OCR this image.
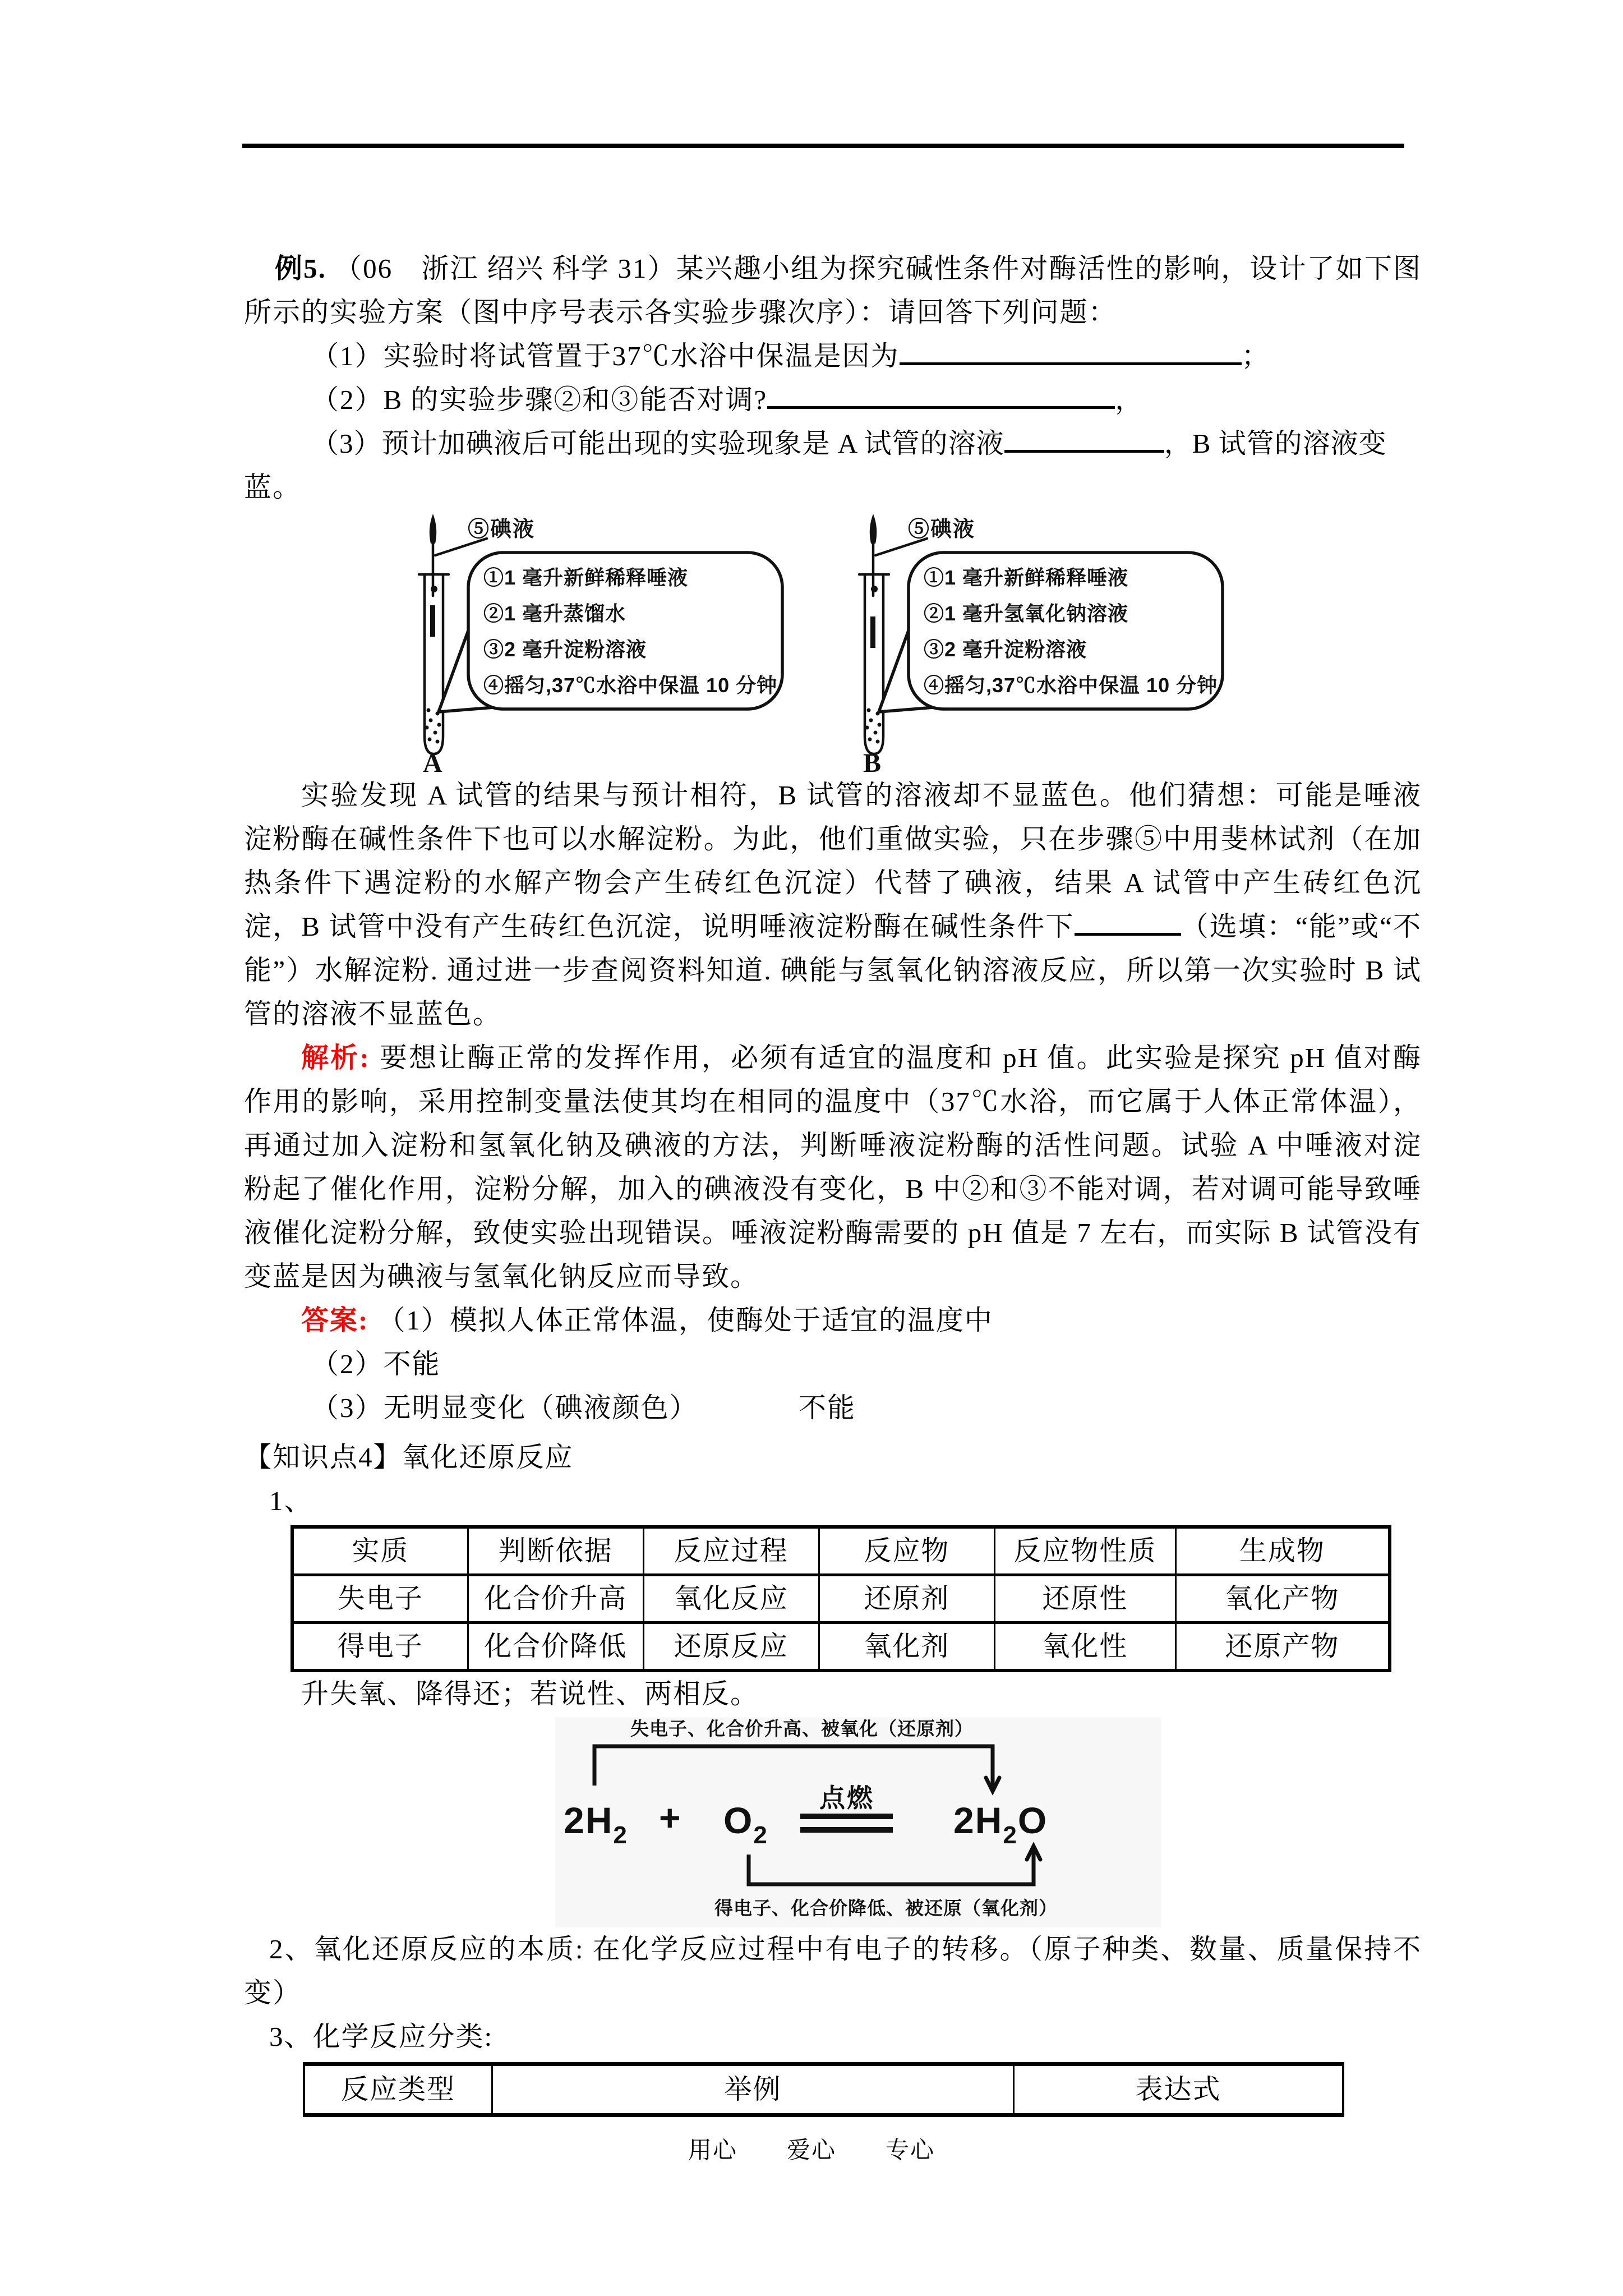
例5. （06　浙江 绍兴 科学 31）某兴趣小组为探究碱性条件对酶活性的影响，设计了如下图所示的实验方案（图中序号表示各实验步骤次序）：请回答下列问题：

（1）实验时将试管置于37℃水浴中保温是因为	；

（2）B 的实验步骤②和③能否对调?	，

（3）预计加碘液后可能出现的实验现象是 A 试管的溶液	，B 试管的溶液变

蓝。

①1 毫升新鲜稀释唾液
②1 毫升蒸馏水
③2 毫升淀粉溶液
④摇匀,37℃水浴中保温 10 分钟
⑤碘液
A
①1 毫升新鲜稀释唾液
②1 毫升氢氧化钠溶液
③2 毫升淀粉溶液
④摇匀,37℃水浴中保温 10 分钟
⑤碘液
B

实验发现 A 试管的结果与预计相符，B 试管的溶液却不显蓝色。他们猜想：可能是唾液淀粉酶在碱性条件下也可以水解淀粉。为此，他们重做实验，只在步骤⑤中用斐林试剂（在加热条件下遇淀粉的水解产物会产生砖红色沉淀）代替了碘液，结果 A 试管中产生砖红色沉淀，B 试管中没有产生砖红色沉淀，说明唾液淀粉酶在碱性条件下	（选填：“能”或“不能”）水解淀粉. 通过进一步查阅资料知道. 碘能与氢氧化钠溶液反应，所以第一次实验时 B 试管的溶液不显蓝色。

解析: 要想让酶正常的发挥作用，必须有适宜的温度和 pH 值。此实验是探究 pH 值对酶作用的影响，采用控制变量法使其均在相同的温度中（37℃水浴，而它属于人体正常体温），再通过加入淀粉和氢氧化钠及碘液的方法，判断唾液淀粉酶的活性问题。试验 A 中唾液对淀粉起了催化作用，淀粉分解，加入的碘液没有变化，B 中②和③不能对调，若对调可能导致唾液催化淀粉分解，致使实验出现错误。唾液淀粉酶需要的 pH 值是 7 左右，而实际 B 试管没有变蓝是因为碘液与氢氧化钠反应而导致。

答案: （1）模拟人体正常体温，使酶处于适宜的温度中

（2）不能

（3）无明显变化（碘液颜色）　　　　不能

【知识点4】氧化还原反应

1、

实质	判断依据	反应过程	反应物	反应物性质	生成物
失电子	化合价升高	氧化反应	还原剂	还原性	氧化产物
得电子	化合价降低	还原反应	氧化剂	氧化性	还原产物

升失氧、降得还；若说性、两相反。

失电子、化合价升高、被氧化（还原剂）
$2H_2 + O_2$
点燃
$2H_2O$
得电子、化合价降低、被还原（氧化剂）

2、氧化还原反应的本质: 在化学反应过程中有电子的转移。（原子种类、数量、质量保持不变）

3、化学反应分类:

反应类型	举例	表达式
用心　　爱心　　专心
